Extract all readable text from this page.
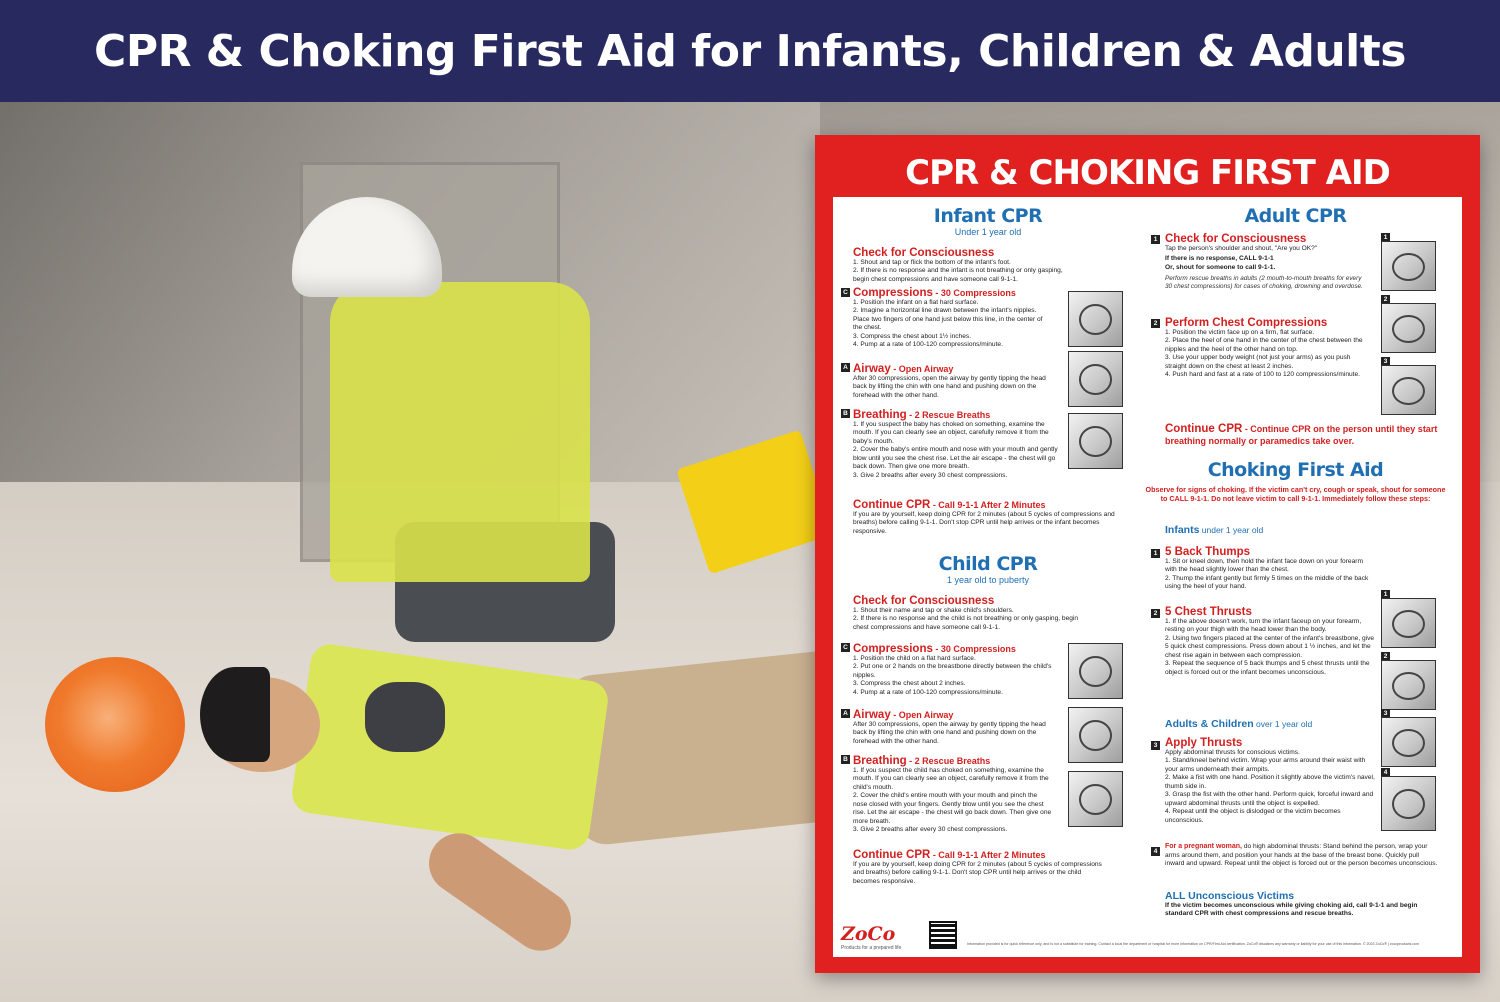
CPR & Choking First Aid for Infants, Children & Adults
CPR & CHOKING FIRST AID
Infant CPR
Under 1 year old
Check for Consciousness
1. Shout and tap or flick the bottom of the infant's foot.
2. If there is no response and the infant is not breathing or only gasping, begin chest compressions and have someone call 9-1-1.
C Compressions - 30 Compressions
1. Position the infant on a flat hard surface.
2. Imagine a horizontal line drawn between the infant's nipples. Place two fingers of one hand just below this line, in the center of the chest.
3. Compress the chest about 1½ inches.
4. Pump at a rate of 100-120 compressions/minute.
A Airway - Open Airway
After 30 compressions, open the airway by gently tipping the head back by lifting the chin with one hand and pushing down on the forehead with the other hand.
B Breathing - 2 Rescue Breaths
1. If you suspect the baby has choked on something, examine the mouth. If you can clearly see an object, carefully remove it from the baby's mouth.
2. Cover the baby's entire mouth and nose with your mouth and gently blow until you see the chest rise. Let the air escape - the chest will go back down. Then give one more breath.
3. Give 2 breaths after every 30 chest compressions.
Continue CPR - Call 9-1-1 After 2 Minutes
If you are by yourself, keep doing CPR for 2 minutes (about 5 cycles of compressions and breaths) before calling 9-1-1. Don't stop CPR until help arrives or the infant becomes responsive.
Child CPR
1 year old to puberty
Check for Consciousness
1. Shout their name and tap or shake child's shoulders.
2. If there is no response and the child is not breathing or only gasping, begin chest compressions and have someone call 9-1-1.
C Compressions - 30 Compressions
1. Position the child on a flat hard surface.
2. Put one or 2 hands on the breastbone directly between the child's nipples.
3. Compress the chest about 2 inches.
4. Pump at a rate of 100-120 compressions/minute.
A Airway - Open Airway
After 30 compressions, open the airway by gently tipping the head back by lifting the chin with one hand and pushing down on the forehead with the other hand.
B Breathing - 2 Rescue Breaths
1. If you suspect the child has choked on something, examine the mouth. If you can clearly see an object, carefully remove it from the child's mouth.
2. Cover the child's entire mouth with your mouth and pinch the nose closed with your fingers. Gently blow until you see the chest rise. Let the air escape - the chest will go back down. Then give one more breath.
3. Give 2 breaths after every 30 chest compressions.
Continue CPR - Call 9-1-1 After 2 Minutes
If you are by yourself, keep doing CPR for 2 minutes (about 5 cycles of compressions and breaths) before calling 9-1-1. Don't stop CPR until help arrives or the child becomes responsive.
Adult CPR
1 Check for Consciousness
Tap the person's shoulder and shout, "Are you OK?"
If there is no response, CALL 9-1-1
Or, shout for someone to call 9-1-1.
Perform rescue breaths in adults (2 mouth-to-mouth breaths for every 30 chest compressions) for cases of choking, drowning and overdose.
1
2 Perform Chest Compressions
1. Position the victim face up on a firm, flat surface.
2. Place the heel of one hand in the center of the chest between the nipples and the heel of the other hand on top.
3. Use your upper body weight (not just your arms) as you push straight down on the chest at least 2 inches.
4. Push hard and fast at a rate of 100 to 120 compressions/minute.
2
3
Continue CPR - Continue CPR on the person until they start breathing normally or paramedics take over.
Choking First Aid
Observe for signs of choking. If the victim can't cry, cough or speak, shout for someone to CALL 9-1-1. Do not leave victim to call 9-1-1. Immediately follow these steps:
Infants under 1 year old
1 5 Back Thumps
1. Sit or kneel down, then hold the infant face down on your forearm with the head slightly lower than the chest.
2. Thump the infant gently but firmly 5 times on the middle of the back using the heel of your hand.
2 5 Chest Thrusts
1. If the above doesn't work, turn the infant faceup on your forearm, resting on your thigh with the head lower than the body.
2. Using two fingers placed at the center of the infant's breastbone, give 5 quick chest compressions. Press down about 1 ½ inches, and let the chest rise again in between each compression.
3. Repeat the sequence of 5 back thumps and 5 chest thrusts until the object is forced out or the infant becomes unconscious.
1
2
3
4
Adults & Children over 1 year old
3 Apply Thrusts
Apply abdominal thrusts for conscious victims.
1. Stand/kneel behind victim. Wrap your arms around their waist with your arms underneath their armpits.
2. Make a fist with one hand. Position it slightly above the victim's navel, thumb side in.
3. Grasp the fist with the other hand. Perform quick, forceful inward and upward abdominal thrusts until the object is expelled.
4. Repeat until the object is dislodged or the victim becomes unconscious.
4
For a pregnant woman, do high abdominal thrusts: Stand behind the person, wrap your arms around them, and position your hands at the base of the breast bone. Quickly pull inward and upward. Repeat until the object is forced out or the person becomes unconscious.
ALL Unconscious Victims
If the victim becomes unconscious while giving choking aid, call 9-1-1 and begin standard CPR with chest compressions and rescue breaths.
ZoCo
Products for a prepared life
Information provided is for quick reference only, and is not a substitute for training. Contact a local fire department or hospital for more information on CPR/First Aid certification. ZoCo® disclaims any warranty or liability for your use of this information. © 2023 ZoCo® | zocoproducts.com
